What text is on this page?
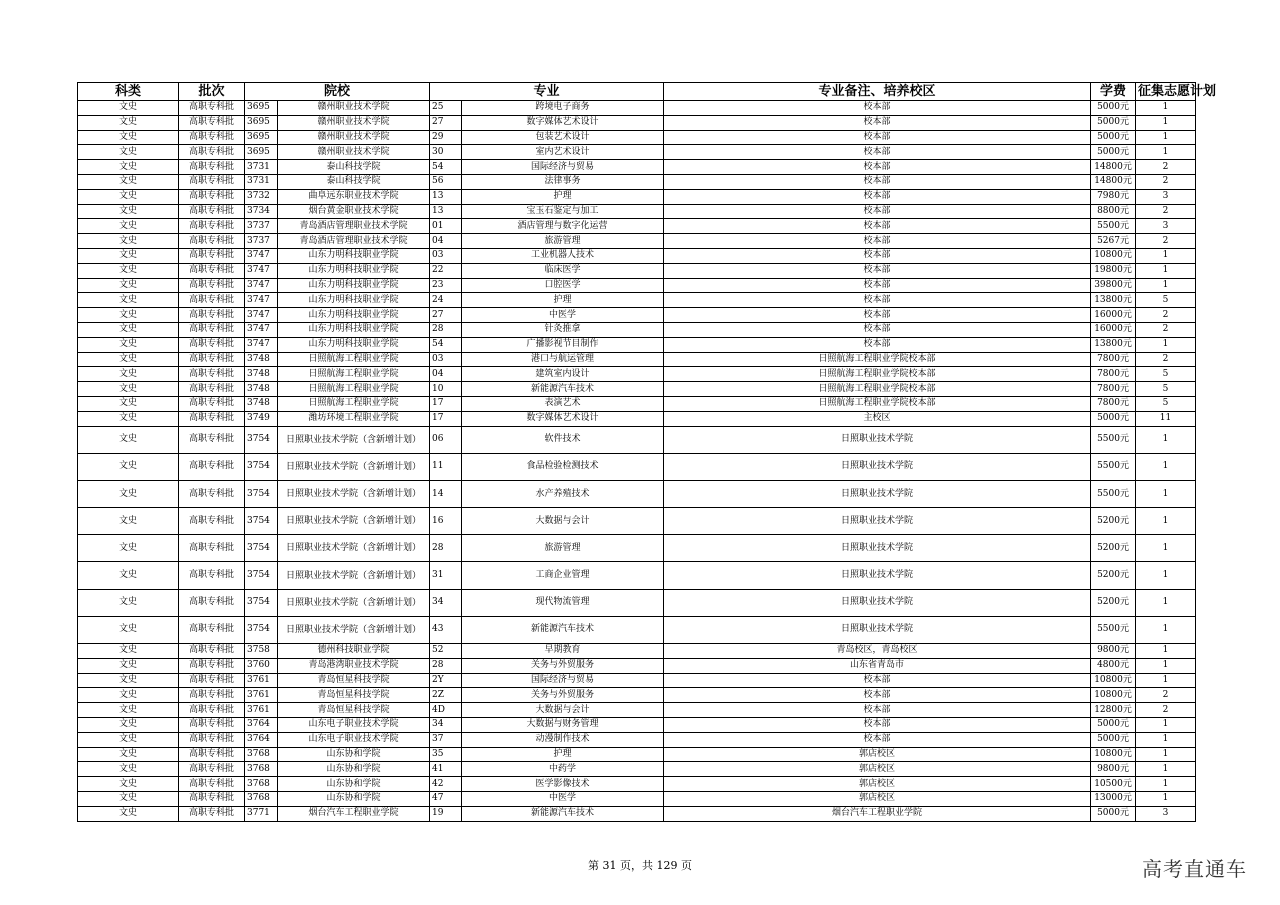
科类	批次	院校		专业		专业备注、培养校区	学费	征集志愿计划
文史	高职专科批	3695	赣州职业技术学院	25	跨境电子商务	校本部	5000元	1
文史	高职专科批	3695	赣州职业技术学院	27	数字媒体艺术设计	校本部	5000元	1
文史	高职专科批	3695	赣州职业技术学院	29	包装艺术设计	校本部	5000元	1
文史	高职专科批	3695	赣州职业技术学院	30	室内艺术设计	校本部	5000元	1
文史	高职专科批	3731	泰山科技学院	54	国际经济与贸易	校本部	14800元	2
文史	高职专科批	3731	泰山科技学院	56	法律事务	校本部	14800元	2
文史	高职专科批	3732	曲阜远东职业技术学院	13	护理	校本部	7980元	3
文史	高职专科批	3734	烟台黄金职业技术学院	13	宝玉石鉴定与加工	校本部	8800元	2
文史	高职专科批	3737	青岛酒店管理职业技术学院	01	酒店管理与数字化运营	校本部	5500元	3
文史	高职专科批	3737	青岛酒店管理职业技术学院	04	旅游管理	校本部	5267元	2
文史	高职专科批	3747	山东力明科技职业学院	03	工业机器人技术	校本部	10800元	1
文史	高职专科批	3747	山东力明科技职业学院	22	临床医学	校本部	19800元	1
文史	高职专科批	3747	山东力明科技职业学院	23	口腔医学	校本部	39800元	1
文史	高职专科批	3747	山东力明科技职业学院	24	护理	校本部	13800元	5
文史	高职专科批	3747	山东力明科技职业学院	27	中医学	校本部	16000元	2
文史	高职专科批	3747	山东力明科技职业学院	28	针灸推拿	校本部	16000元	2
文史	高职专科批	3747	山东力明科技职业学院	54	广播影视节目制作	校本部	13800元	1
文史	高职专科批	3748	日照航海工程职业学院	03	港口与航运管理	日照航海工程职业学院校本部	7800元	2
文史	高职专科批	3748	日照航海工程职业学院	04	建筑室内设计	日照航海工程职业学院校本部	7800元	5
文史	高职专科批	3748	日照航海工程职业学院	10	新能源汽车技术	日照航海工程职业学院校本部	7800元	5
文史	高职专科批	3748	日照航海工程职业学院	17	表演艺术	日照航海工程职业学院校本部	7800元	5
文史	高职专科批	3749	潍坊环境工程职业学院	17	数字媒体艺术设计	主校区	5000元	11
文史	高职专科批	3754	日照职业技术学院（含新增计划）	06	软件技术	日照职业技术学院	5500元	1
文史	高职专科批	3754	日照职业技术学院（含新增计划）	11	食品检验检测技术	日照职业技术学院	5500元	1
文史	高职专科批	3754	日照职业技术学院（含新增计划）	14	水产养殖技术	日照职业技术学院	5500元	1
文史	高职专科批	3754	日照职业技术学院（含新增计划）	16	大数据与会计	日照职业技术学院	5200元	1
文史	高职专科批	3754	日照职业技术学院（含新增计划）	28	旅游管理	日照职业技术学院	5200元	1
文史	高职专科批	3754	日照职业技术学院（含新增计划）	31	工商企业管理	日照职业技术学院	5200元	1
文史	高职专科批	3754	日照职业技术学院（含新增计划）	34	现代物流管理	日照职业技术学院	5200元	1
文史	高职专科批	3754	日照职业技术学院（含新增计划）	43	新能源汽车技术	日照职业技术学院	5500元	1
文史	高职专科批	3758	德州科技职业学院	52	早期教育	青岛校区，青岛校区	9800元	1
文史	高职专科批	3760	青岛港湾职业技术学院	28	关务与外贸服务	山东省青岛市	4800元	1
文史	高职专科批	3761	青岛恒星科技学院	2Y	国际经济与贸易	校本部	10800元	1
文史	高职专科批	3761	青岛恒星科技学院	2Z	关务与外贸服务	校本部	10800元	2
文史	高职专科批	3761	青岛恒星科技学院	4D	大数据与会计	校本部	12800元	2
文史	高职专科批	3764	山东电子职业技术学院	34	大数据与财务管理	校本部	5000元	1
文史	高职专科批	3764	山东电子职业技术学院	37	动漫制作技术	校本部	5000元	1
文史	高职专科批	3768	山东协和学院	35	护理	郭店校区	10800元	1
文史	高职专科批	3768	山东协和学院	41	中药学	郭店校区	9800元	1
文史	高职专科批	3768	山东协和学院	42	医学影像技术	郭店校区	10500元	1
文史	高职专科批	3768	山东协和学院	47	中医学	郭店校区	13000元	1
文史	高职专科批	3771	烟台汽车工程职业学院	19	新能源汽车技术	烟台汽车工程职业学院	5000元	3
第 31 页，共 129 页	高考直通车
